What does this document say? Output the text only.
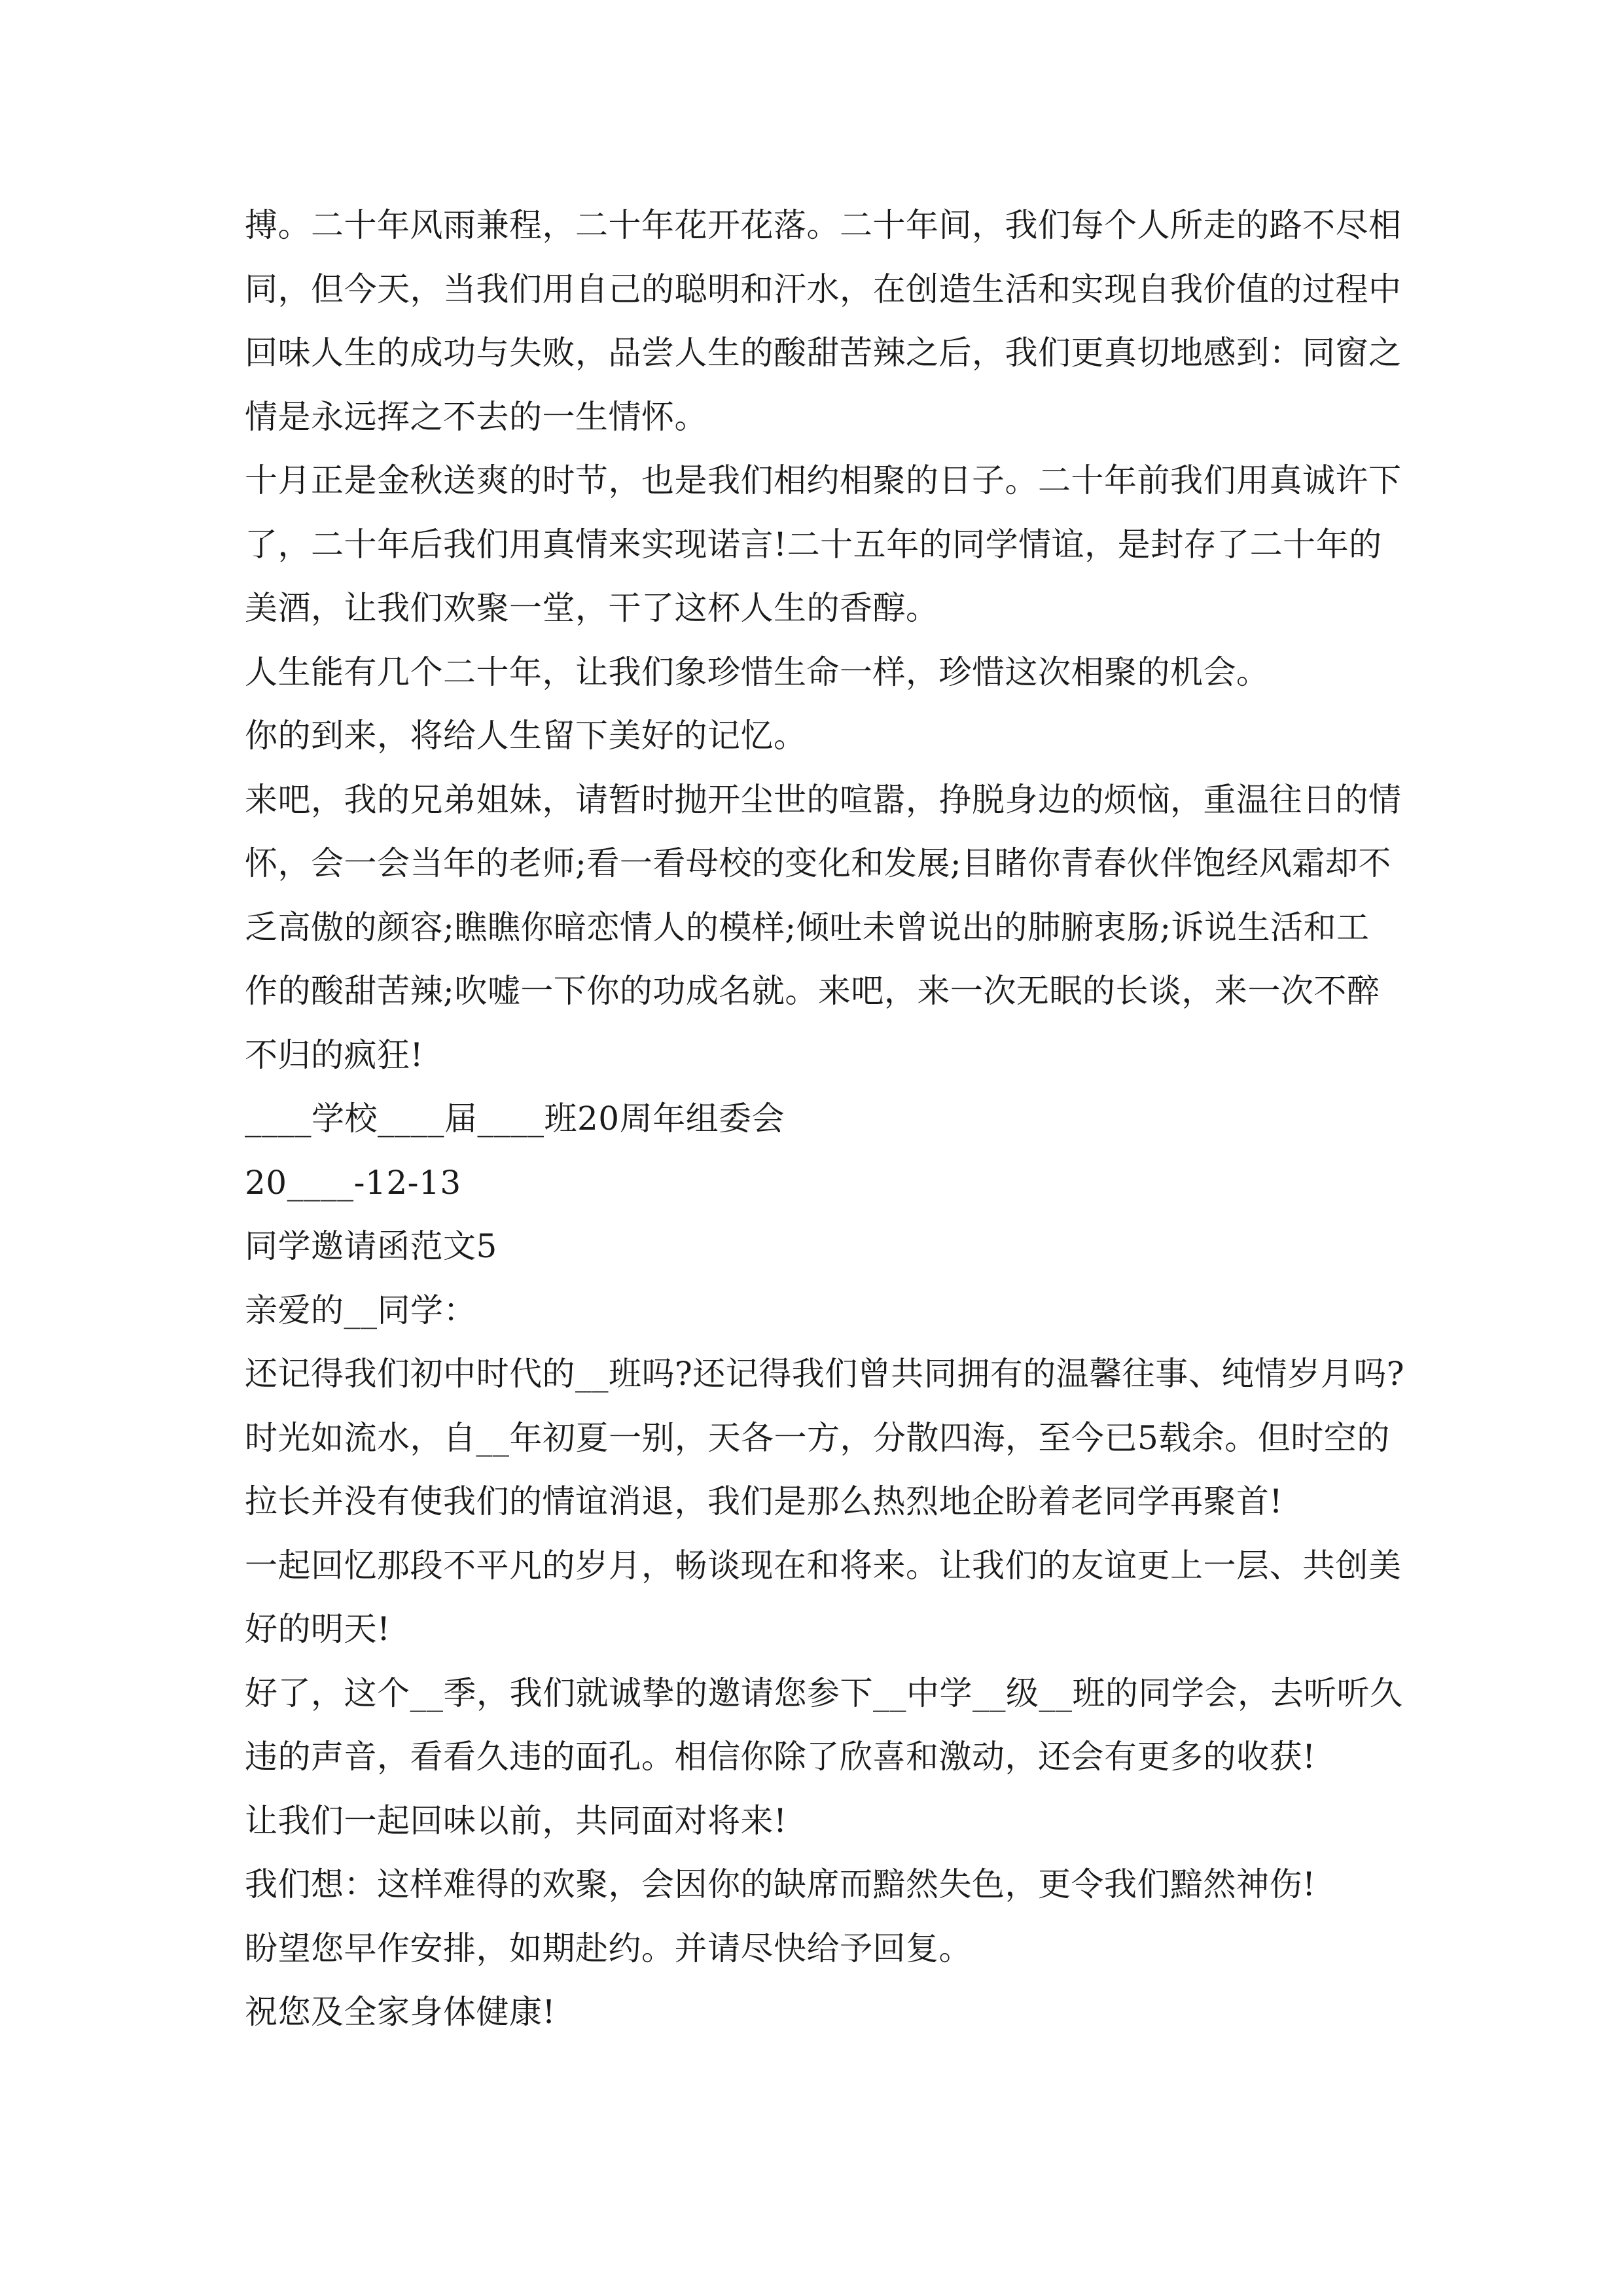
搏。二十年风雨兼程，二十年花开花落。二十年间，我们每个人所走的路不尽相
同，但今天，当我们用自己的聪明和汗水，在创造生活和实现自我价值的过程中
回味人生的成功与失败，品尝人生的酸甜苦辣之后，我们更真切地感到：同窗之
情是永远挥之不去的一生情怀。
十月正是金秋送爽的时节，也是我们相约相聚的日子。二十年前我们用真诚许下
了，二十年后我们用真情来实现诺言!二十五年的同学情谊，是封存了二十年的
美酒，让我们欢聚一堂，干了这杯人生的香醇。
人生能有几个二十年，让我们象珍惜生命一样，珍惜这次相聚的机会。
你的到来，将给人生留下美好的记忆。
来吧，我的兄弟姐妹，请暂时抛开尘世的喧嚣，挣脱身边的烦恼，重温往日的情
怀，会一会当年的老师;看一看母校的变化和发展;目睹你青春伙伴饱经风霜却不
乏高傲的颜容;瞧瞧你暗恋情人的模样;倾吐未曾说出的肺腑衷肠;诉说生活和工
作的酸甜苦辣;吹嘘一下你的功成名就。来吧，来一次无眠的长谈，来一次不醉
不归的疯狂!
____学校____届____班20周年组委会
20____-12-13
同学邀请函范文5
亲爱的__同学：
还记得我们初中时代的__班吗?还记得我们曾共同拥有的温馨往事、纯情岁月吗?
时光如流水，自__年初夏一别，天各一方，分散四海，至今已5载余。但时空的
拉长并没有使我们的情谊消退，我们是那么热烈地企盼着老同学再聚首!
一起回忆那段不平凡的岁月，畅谈现在和将来。让我们的友谊更上一层、共创美
好的明天!
好了，这个__季，我们就诚挚的邀请您参下__中学__级__班的同学会，去听听久
违的声音，看看久违的面孔。相信你除了欣喜和激动，还会有更多的收获!
让我们一起回味以前，共同面对将来!
我们想：这样难得的欢聚，会因你的缺席而黯然失色，更令我们黯然神伤!
盼望您早作安排，如期赴约。并请尽快给予回复。
祝您及全家身体健康!
